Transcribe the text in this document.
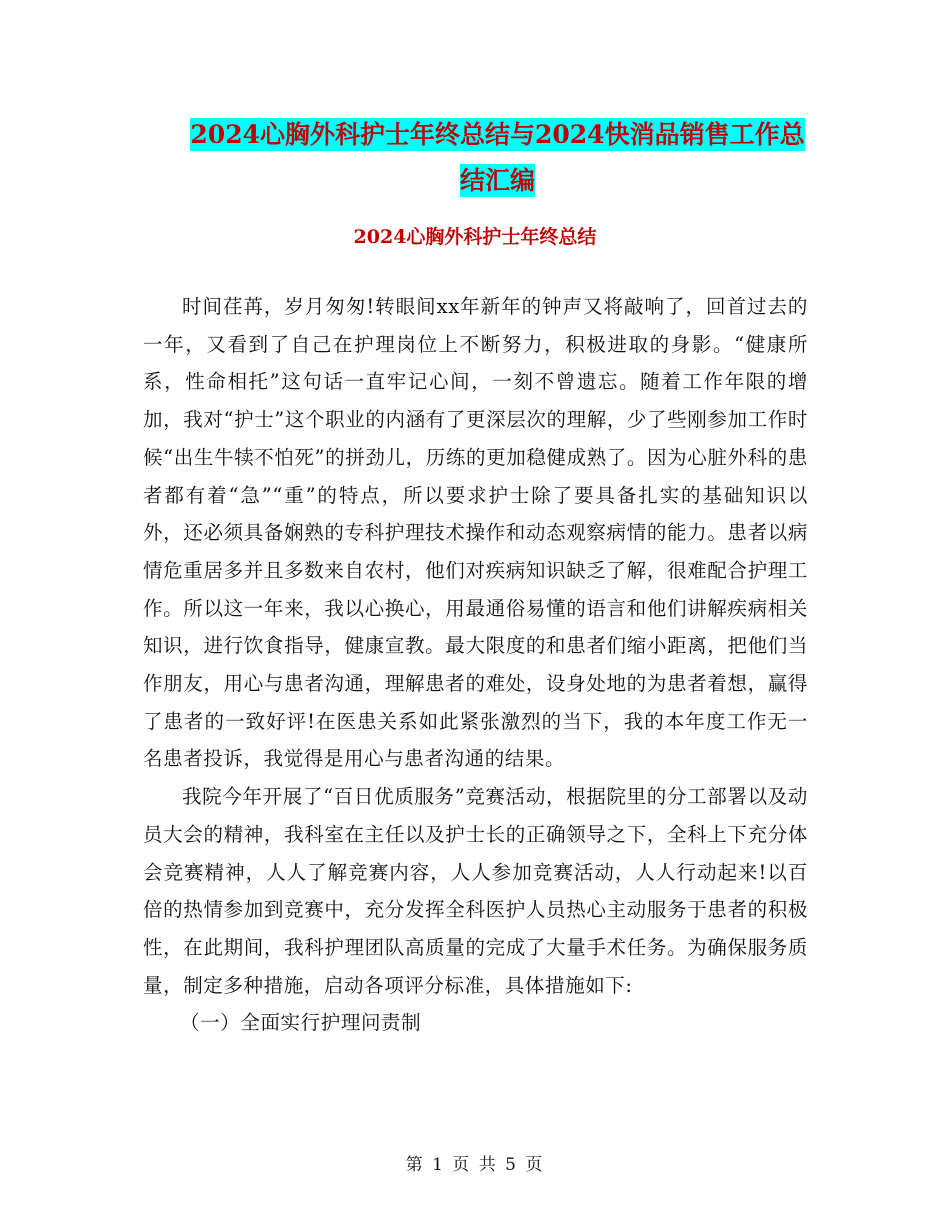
2024心胸外科护士年终总结与2024快消品销售工作总
结汇编
2024心胸外科护士年终总结

时间荏苒，岁月匆匆!转眼间xx年新年的钟声又将敲响了，回首过去的一年，又看到了自己在护理岗位上不断努力，积极进取的身影。“健康所系，性命相托”这句话一直牢记心间，一刻不曾遗忘。随着工作年限的增加，我对“护士”这个职业的内涵有了更深层次的理解，少了些刚参加工作时候“出生牛犊不怕死”的拼劲儿，历练的更加稳健成熟了。因为心脏外科的患者都有着“急”“重”的特点，所以要求护士除了要具备扎实的基础知识以外，还必须具备娴熟的专科护理技术操作和动态观察病情的能力。患者以病情危重居多并且多数来自农村，他们对疾病知识缺乏了解，很难配合护理工作。所以这一年来，我以心换心，用最通俗易懂的语言和他们讲解疾病相关知识，进行饮食指导，健康宣教。最大限度的和患者们缩小距离，把他们当作朋友，用心与患者沟通，理解患者的难处，设身处地的为患者着想，赢得了患者的一致好评!在医患关系如此紧张激烈的当下，我的本年度工作无一名患者投诉，我觉得是用心与患者沟通的结果。

我院今年开展了“百日优质服务”竞赛活动，根据院里的分工部署以及动员大会的精神，我科室在主任以及护士长的正确领导之下，全科上下充分体会竞赛精神，人人了解竞赛内容，人人参加竞赛活动，人人行动起来!以百倍的热情参加到竞赛中，充分发挥全科医护人员热心主动服务于患者的积极性，在此期间，我科护理团队高质量的完成了大量手术任务。为确保服务质量，制定多种措施，启动各项评分标准，具体措施如下:

（一）全面实行护理问责制

第 1 页 共 5 页
